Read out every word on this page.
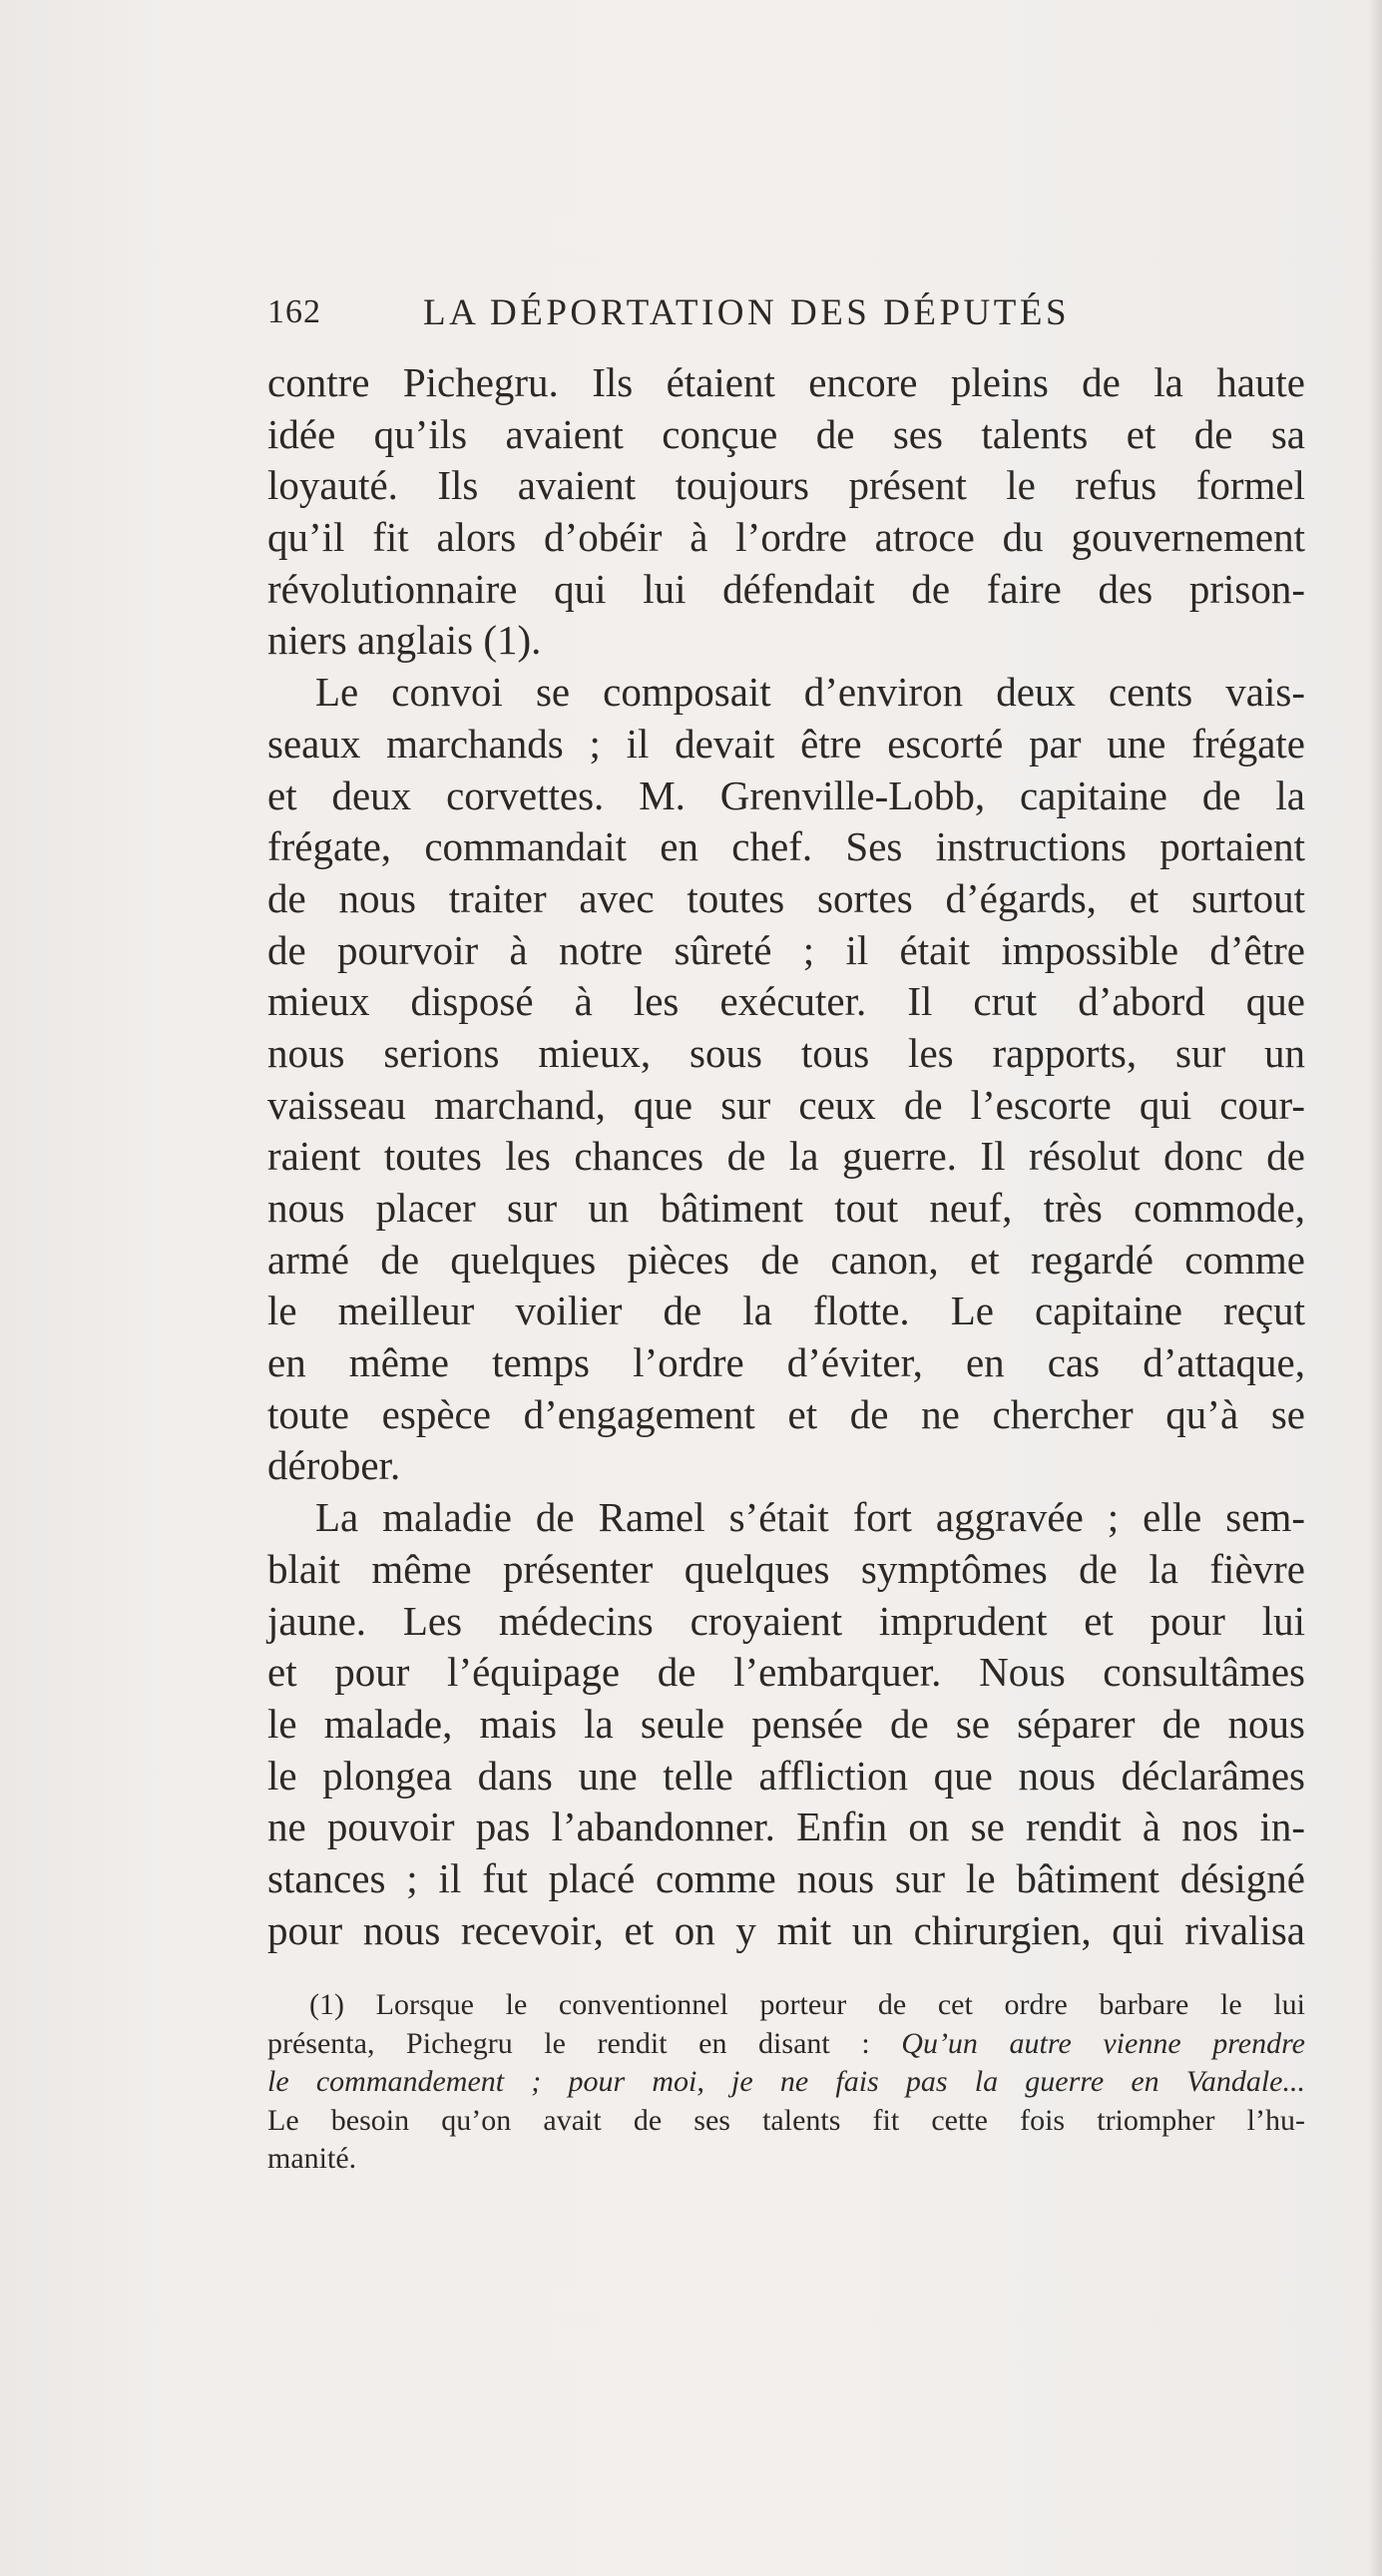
162	LA DÉPORTATION DES DÉPUTÉS
contre Pichegru. Ils étaient encore pleins de la haute
idée qu’ils avaient conçue de ses talents et de sa
loyauté. Ils avaient toujours présent le refus formel
qu’il fit alors d’obéir à l’ordre atroce du gouvernement
révolutionnaire qui lui défendait de faire des prison-
niers anglais (1).
Le convoi se composait d’environ deux cents vais-
seaux marchands ; il devait être escorté par une frégate
et deux corvettes. M. Grenville-Lobb, capitaine de la
frégate, commandait en chef. Ses instructions portaient
de nous traiter avec toutes sortes d’égards, et surtout
de pourvoir à notre sûreté ; il était impossible d’être
mieux disposé à les exécuter. Il crut d’abord que
nous serions mieux, sous tous les rapports, sur un
vaisseau marchand, que sur ceux de l’escorte qui cour-
raient toutes les chances de la guerre. Il résolut donc de
nous placer sur un bâtiment tout neuf, très commode,
armé de quelques pièces de canon, et regardé comme
le meilleur voilier de la flotte. Le capitaine reçut
en même temps l’ordre d’éviter, en cas d’attaque,
toute espèce d’engagement et de ne chercher qu’à se
dérober.
La maladie de Ramel s’était fort aggravée ; elle sem-
blait même présenter quelques symptômes de la fièvre
jaune. Les médecins croyaient imprudent et pour lui
et pour l’équipage de l’embarquer. Nous consultâmes
le malade, mais la seule pensée de se séparer de nous
le plongea dans une telle affliction que nous déclarâmes
ne pouvoir pas l’abandonner. Enfin on se rendit à nos in-
stances ; il fut placé comme nous sur le bâtiment désigné
pour nous recevoir, et on y mit un chirurgien, qui rivalisa
(1) Lorsque le conventionnel porteur de cet ordre barbare le lui
présenta, Pichegru le rendit en disant : Qu’un autre vienne prendre
le commandement ; pour moi, je ne fais pas la guerre en Vandale...
Le besoin qu’on avait de ses talents fit cette fois triompher l’hu-
manité.
